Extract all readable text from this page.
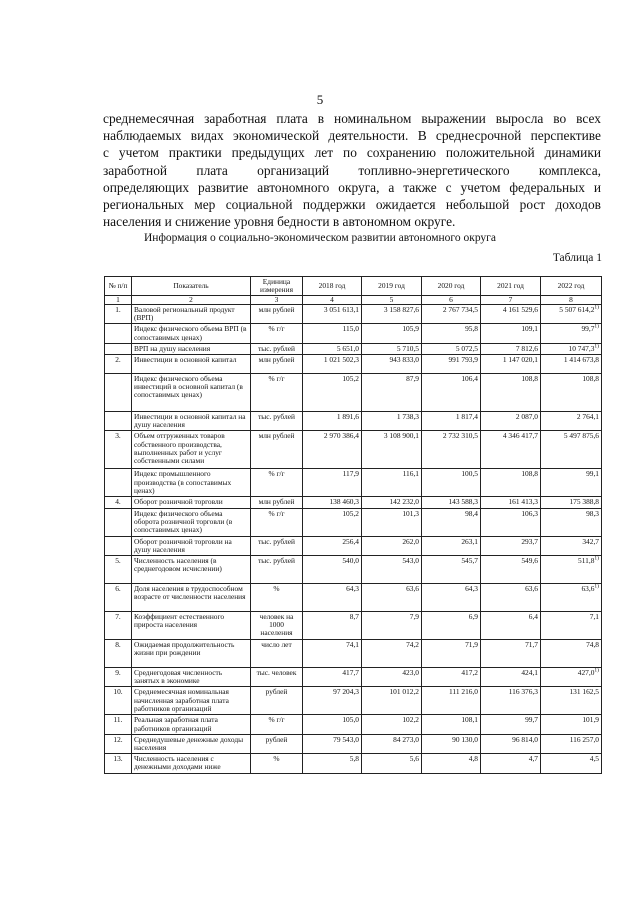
5
среднемесячная заработная плата в номинальном выражении выросла во всех
наблюдаемых видах экономической деятельности. В среднесрочной перспективе
с учетом практики предыдущих лет по сохранению положительной динамики
заработной плата организаций топливно-энергетического комплекса,
определяющих развитие автономного округа, а также с учетом федеральных и
региональных мер социальной поддержки ожидается небольшой рост доходов
населения и снижение уровня бедности в автономном округе.
Информация о социально-экономическом развитии автономного округа
Таблица 1
№ п/п	Показатель	Единица измерения	2018 год	2019 год	2020 год	2021 год	2022 год
1	2	3	4	5	6	7	8
1.	Валовой региональный продукт (ВРП)	млн рублей	3 051 613,1	3 158 827,6	2 767 734,5	4 161 529,6	5 507 614,2$^{1)}$
	Индекс физического объема ВРП (в сопоставимых ценах)	% г/г	115,0	105,9	95,8	109,1	99,7$^{1)}$
	ВРП на душу населения	тыс. рублей	5 651,0	5 710,5	5 072,5	7 812,6	10 747,3$^{1)}$
2.	Инвестиции в основной капитал	млн рублей	1 021 502,3	943 833,0	991 793,9	1 147 020,1	1 414 673,8
	Индекс физического объема инвестиций в основной капитал (в сопоставимых ценах)	% г/г	105,2	87,9	106,4	108,8	108,8
	Инвестиции в основной капитал на душу населения	тыс. рублей	1 891,6	1 738,3	1 817,4	2 087,0	2 764,1
3.	Объем отгруженных товаров собственного производства, выполненных работ и услуг собственными силами	млн рублей	2 970 386,4	3 108 900,1	2 732 310,5	4 346 417,7	5 497 875,6
	Индекс промышленного производства (в сопоставимых ценах)	% г/г	117,9	116,1	100,5	108,8	99,1
4.	Оборот розничной торговли	млн рублей	138 460,3	142 232,0	143 588,3	161 413,3	175 388,8
	Индекс физического объема оборота розничной торговли (в сопоставимых ценах)	% г/г	105,2	101,3	98,4	106,3	98,3
	Оборот розничной торговли на душу населения	тыс. рублей	256,4	262,0	263,1	293,7	342,7
5.	Численность населения (в среднегодовом исчислении)	тыс. рублей	540,0	543,0	545,7	549,6	511,8$^{1)}$
6.	Доля населения в трудоспособном возрасте от численности населения	%	64,3	63,6	64,3	63,6	63,6$^{1)}$
7.	Коэффициент естественного прироста населения	человек на 1000 населения	8,7	7,9	6,9	6,4	7,1
8.	Ожидаемая продолжительность жизни при рождении	число лет	74,1	74,2	71,9	71,7	74,8
9.	Среднегодовая численность занятых в экономике	тыс. человек	417,7	423,0	417,2	424,1	427,0$^{1)}$
10.	Среднемесячная номинальная начисленная заработная плата работников организаций	рублей	97 204,3	101 012,2	111 216,0	116 376,3	131 162,5
11.	Реальная заработная плата работников организаций	% г/г	105,0	102,2	108,1	99,7	101,9
12.	Среднедушевые денежные доходы населения	рублей	79 543,0	84 273,0	90 130,0	96 814,0	116 257,0
13.	Численность населения с денежными доходами ниже	%	5,8	5,6	4,8	4,7	4,5
